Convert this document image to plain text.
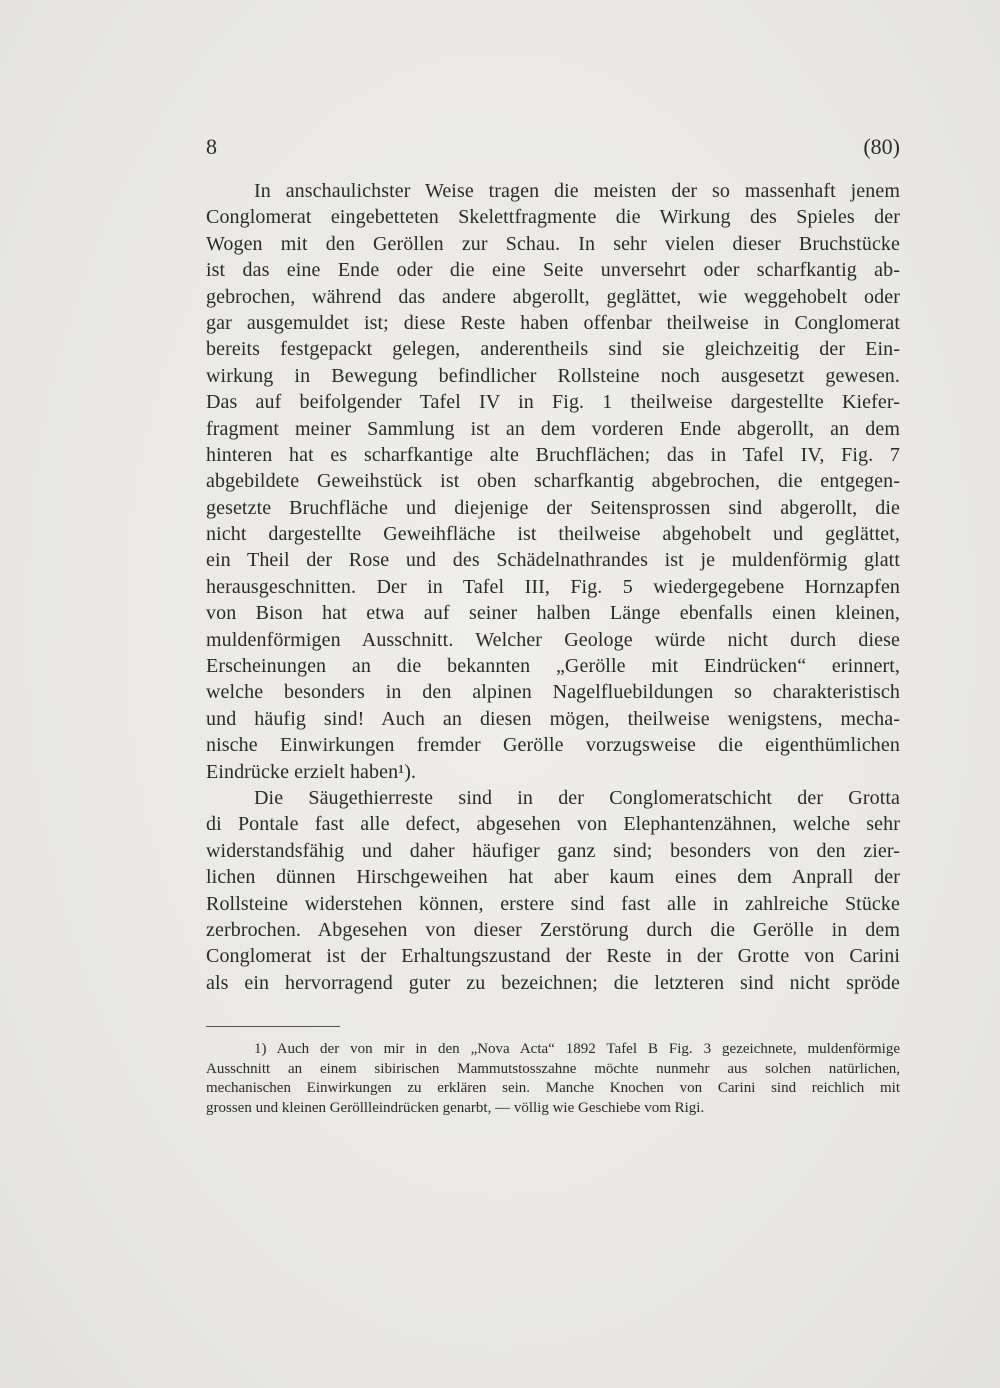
8	(80)
In anschaulichster Weise tragen die meisten der so massenhaft jenem
Conglomerat eingebetteten Skelettfragmente die Wirkung des Spieles der
Wogen mit den Geröllen zur Schau. In sehr vielen dieser Bruchstücke
ist das eine Ende oder die eine Seite unversehrt oder scharfkantig ab-
gebrochen, während das andere abgerollt, geglättet, wie weggehobelt oder
gar ausgemuldet ist; diese Reste haben offenbar theilweise in Conglomerat
bereits festgepackt gelegen, anderentheils sind sie gleichzeitig der Ein-
wirkung in Bewegung befindlicher Rollsteine noch ausgesetzt gewesen.
Das auf beifolgender Tafel IV in Fig. 1 theilweise dargestellte Kiefer-
fragment meiner Sammlung ist an dem vorderen Ende abgerollt, an dem
hinteren hat es scharfkantige alte Bruchflächen; das in Tafel IV, Fig. 7
abgebildete Geweihstück ist oben scharfkantig abgebrochen, die entgegen-
gesetzte Bruchfläche und diejenige der Seitensprossen sind abgerollt, die
nicht dargestellte Geweihfläche ist theilweise abgehobelt und geglättet,
ein Theil der Rose und des Schädelnathrandes ist je muldenförmig glatt
herausgeschnitten. Der in Tafel III, Fig. 5 wiedergegebene Hornzapfen
von Bison hat etwa auf seiner halben Länge ebenfalls einen kleinen,
muldenförmigen Ausschnitt. Welcher Geologe würde nicht durch diese
Erscheinungen an die bekannten „Gerölle mit Eindrücken“ erinnert,
welche besonders in den alpinen Nagelfluebildungen so charakteristisch
und häufig sind! Auch an diesen mögen, theilweise wenigstens, mecha-
nische Einwirkungen fremder Gerölle vorzugsweise die eigenthümlichen
Eindrücke erzielt haben¹).
Die Säugethierreste sind in der Conglomeratschicht der Grotta
di Pontale fast alle defect, abgesehen von Elephantenzähnen, welche sehr
widerstandsfähig und daher häufiger ganz sind; besonders von den zier-
lichen dünnen Hirschgeweihen hat aber kaum eines dem Anprall der
Rollsteine widerstehen können, erstere sind fast alle in zahlreiche Stücke
zerbrochen. Abgesehen von dieser Zerstörung durch die Gerölle in dem
Conglomerat ist der Erhaltungszustand der Reste in der Grotte von Carini
als ein hervorragend guter zu bezeichnen; die letzteren sind nicht spröde
1) Auch der von mir in den „Nova Acta“ 1892 Tafel B Fig. 3 gezeichnete, muldenförmige
Ausschnitt an einem sibirischen Mammutstosszahne möchte nunmehr aus solchen natürlichen,
mechanischen Einwirkungen zu erklären sein. Manche Knochen von Carini sind reichlich mit
grossen und kleinen Geröllleindrücken genarbt, — völlig wie Geschiebe vom Rigi.
